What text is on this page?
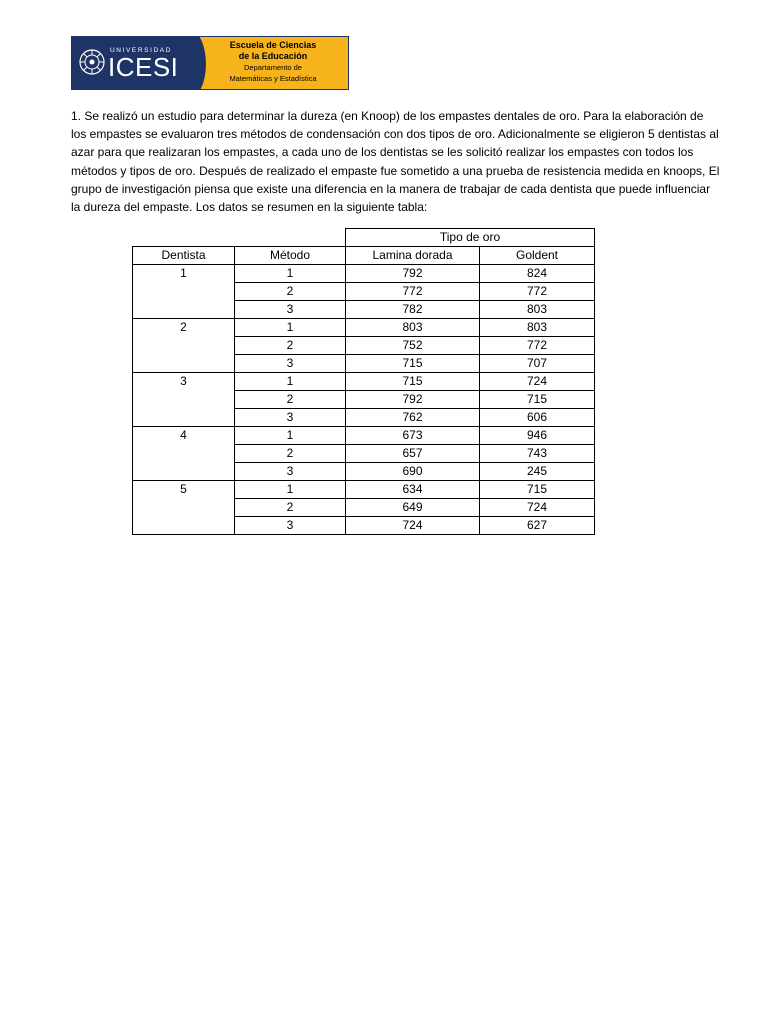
UNIVERSIDAD
ICESI
Escuela de Ciencias
de la Educación
Departamento de
Matemáticas y Estadística

1. Se realizó un estudio para determinar la dureza (en Knoop) de los empastes dentales de oro. Para la elaboración de los empastes se evaluaron tres métodos de condensación con dos tipos de oro. Adicionalmente se eligieron 5 dentistas al azar para que realizaran los empastes, a cada uno de los dentistas se les solicitó realizar los empastes con todos los métodos y tipos de oro. Después de realizado el empaste fue sometido a una prueba de resistencia medida en knoops, El grupo de investigación piensa que existe una diferencia en la manera de trabajar de cada dentista que puede influenciar la dureza del empaste. Los datos se resumen en la siguiente tabla:

		Tipo de oro	
Dentista	Método	Lamina dorada	Goldent
1	1	792	824
	2	772	772
	3	782	803
2	1	803	803
	2	752	772
	3	715	707
3	1	715	724
	2	792	715
	3	762	606
4	1	673	946
	2	657	743
	3	690	245
5	1	634	715
	2	649	724
	3	724	627
